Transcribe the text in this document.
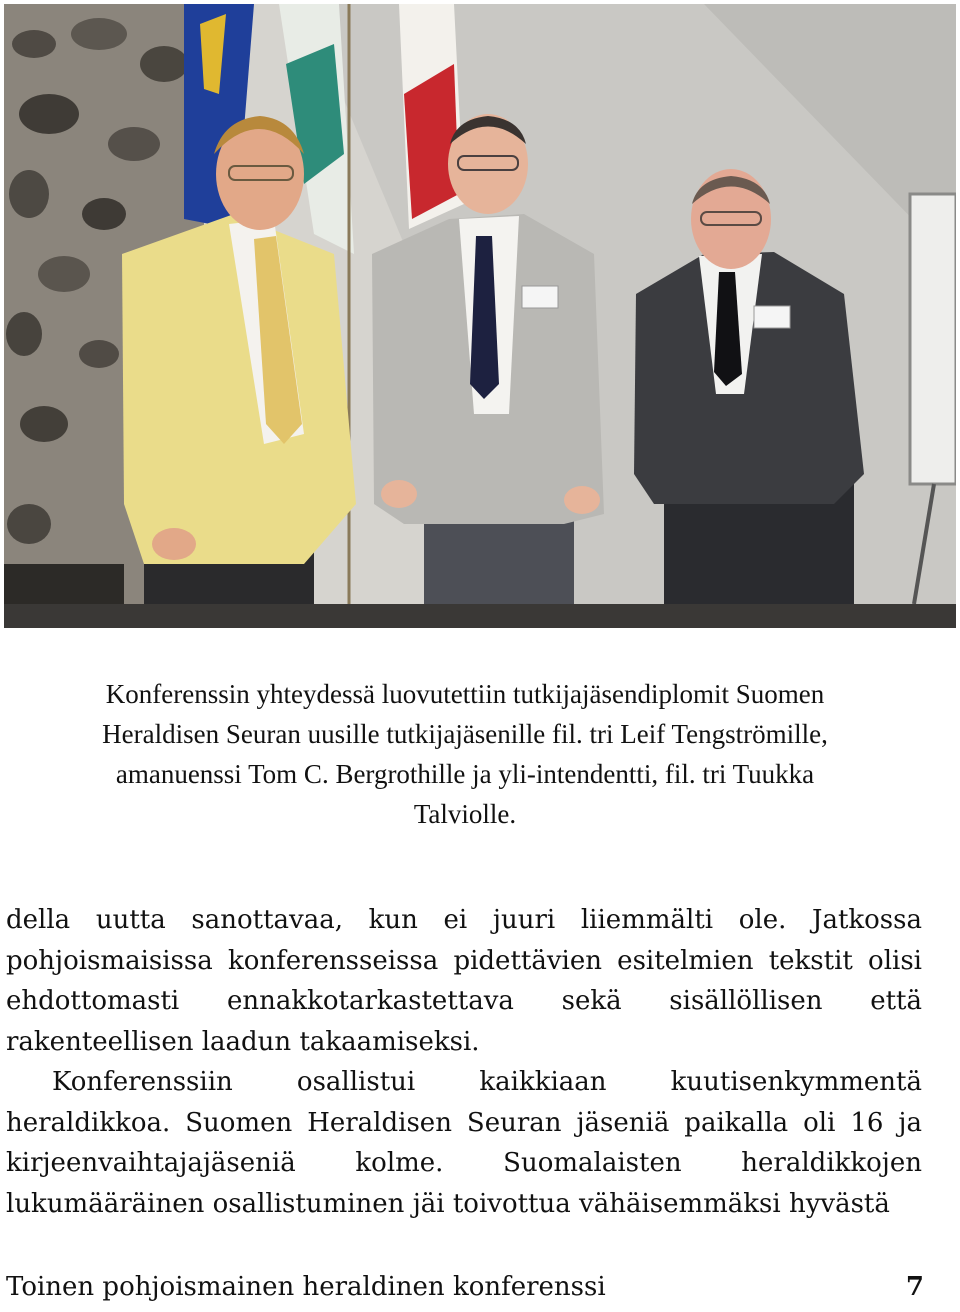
Konferenssin yhteydessä luovutettiin tutkijajäsendiplomit Suomen
Heraldisen Seuran uusille tutkijajäsenille fil. tri Leif Tengströmille,
amanuenssi Tom C. Bergrothille ja yli-intendentti, fil. tri Tuukka
Talviolle.

della uutta sanottavaa, kun ei juuri liiemmälti ole. Jatkossa pohjoismaisissa konferensseissa pidettävien esitelmien tekstit olisi ehdottomasti ennakkotarkastettava sekä sisällöllisen että rakenteellisen laadun takaamiseksi.

Konferenssiin osallistui kaikkiaan kuutisenkymmentä heraldikkoa. Suomen Heraldisen Seuran jäseniä paikalla oli 16 ja kirjeenvaihtajajäseniä kolme. Suomalaisten heraldikkojen lukumääräinen osallistuminen jäi toivottua vähäisemmäksi hyvästä

Toinen pohjoismainen heraldinen konferenssi	7
